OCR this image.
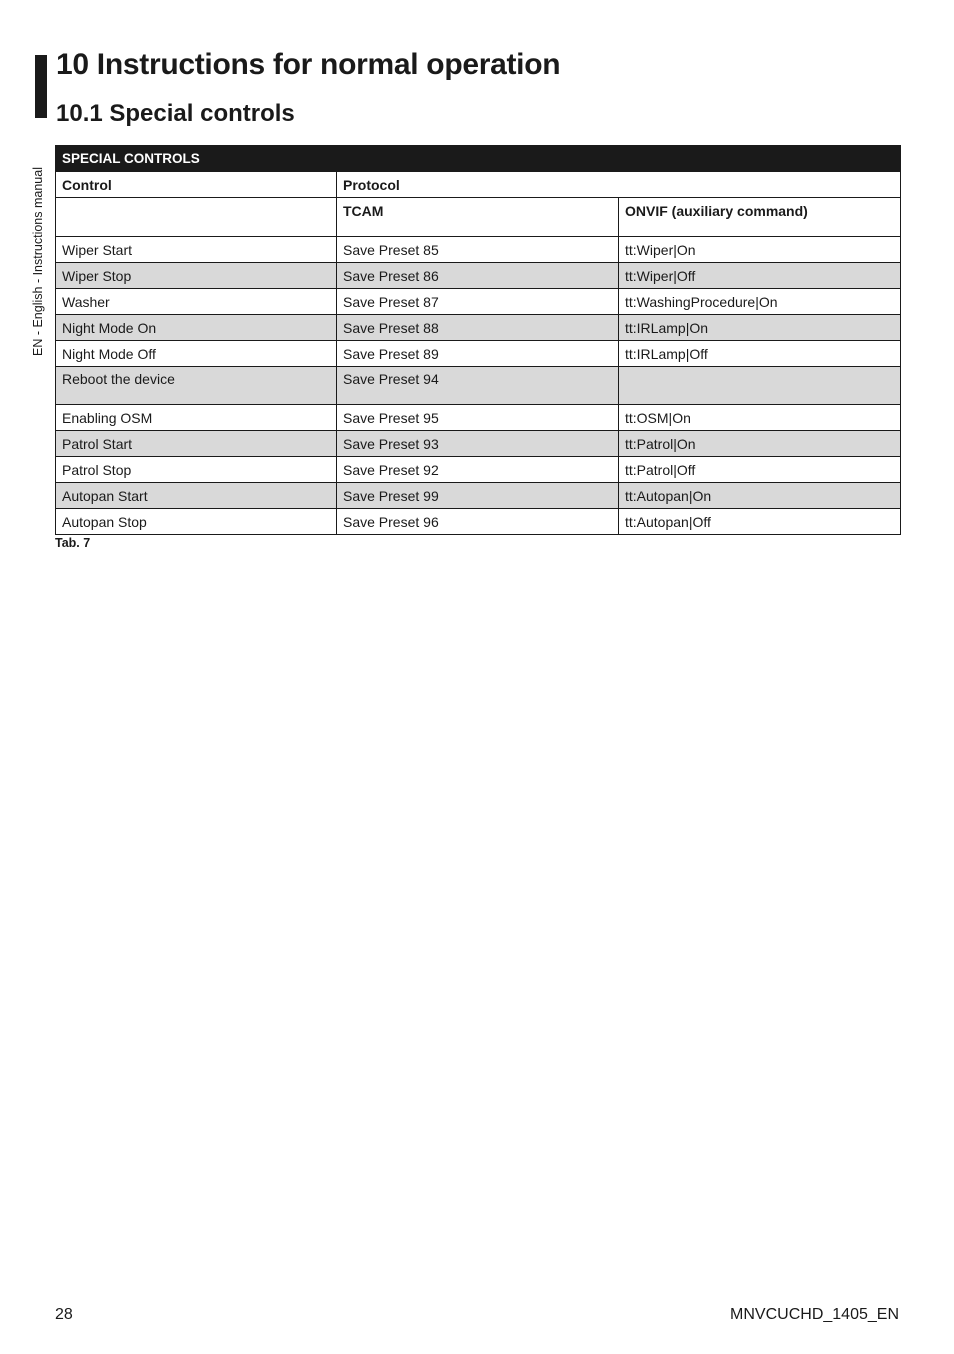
10 Instructions for normal operation
10.1 Special controls
EN - English - Instructions manual
SPECIAL CONTROLS		
Control	Protocol	
	TCAM	ONVIF (auxiliary command)
Wiper Start	Save Preset 85	tt:Wiper|On
Wiper Stop	Save Preset 86	tt:Wiper|Off
Washer	Save Preset 87	tt:WashingProcedure|On
Night Mode On	Save Preset 88	tt:IRLamp|On
Night Mode Off	Save Preset 89	tt:IRLamp|Off
Reboot the device	Save Preset 94	
Enabling OSM	Save Preset 95	tt:OSM|On
Patrol Start	Save Preset 93	tt:Patrol|On
Patrol Stop	Save Preset 92	tt:Patrol|Off
Autopan Start	Save Preset 99	tt:Autopan|On
Autopan Stop	Save Preset 96	tt:Autopan|Off
Tab. 7
28	MNVCUCHD_1405_EN
